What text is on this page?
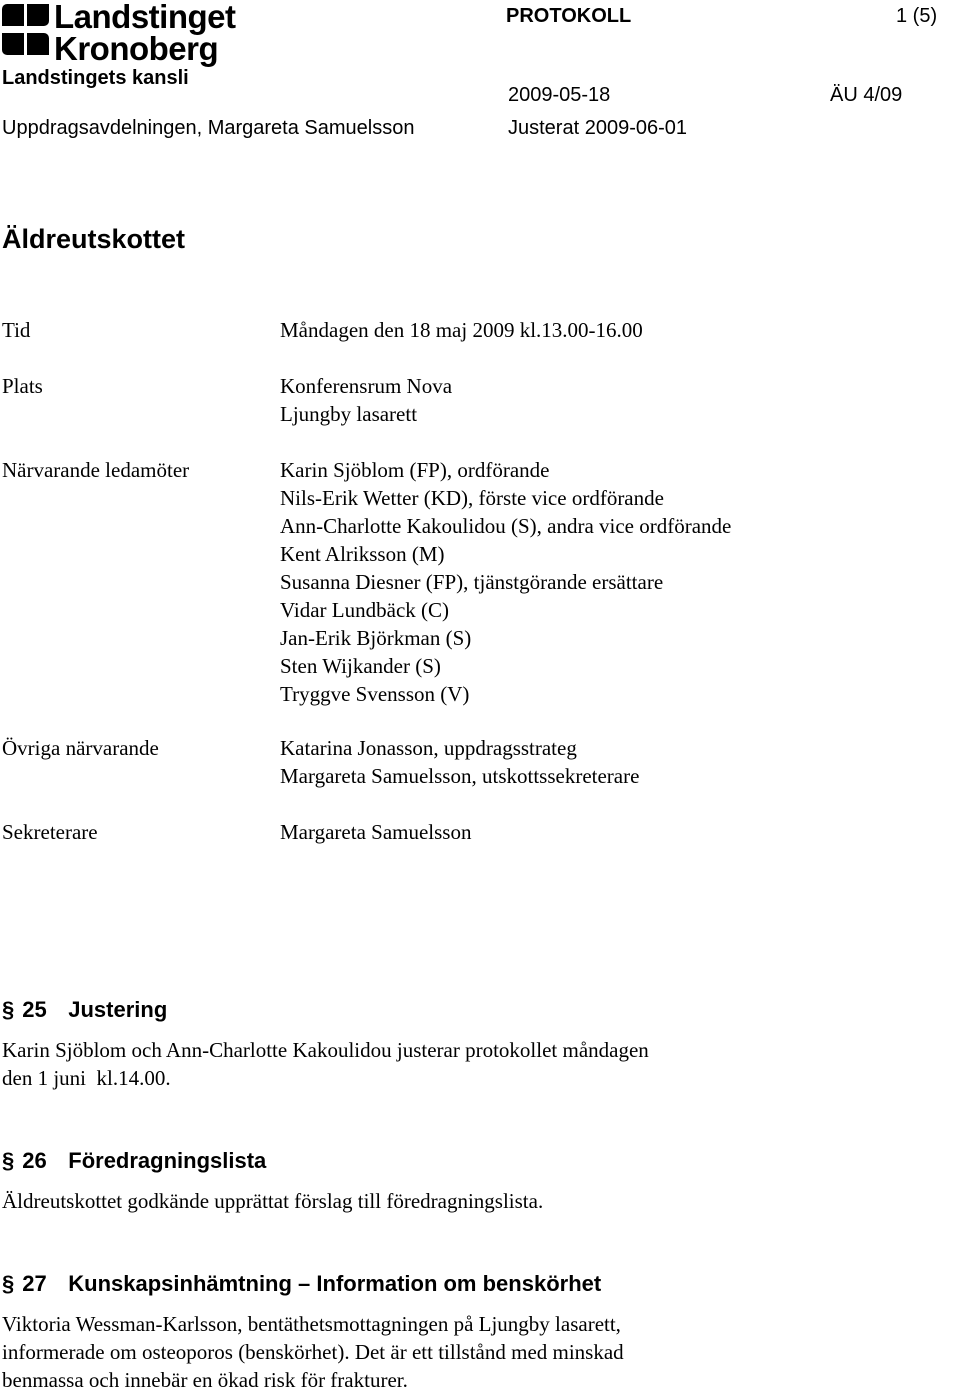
Landstinget
Kronoberg
Landstingets kansli
Uppdragsavdelningen, Margareta Samuelsson
PROTOKOLL	1 (5)
2009-05-18	ÄU 4/09
Justerat 2009-06-01
Äldreutskottet
Tid	Måndagen den 18 maj 2009 kl.13.00-16.00
Plats	Konferensrum Nova
Ljungby lasarett
Närvarande ledamöter	Karin Sjöblom (FP), ordförande
Nils-Erik Wetter (KD), förste vice ordförande
Ann-Charlotte Kakoulidou (S), andra vice ordförande
Kent Alriksson (M)
Susanna Diesner (FP), tjänstgörande ersättare
Vidar Lundbäck (C)
Jan-Erik Björkman (S)
Sten Wijkander (S)
Tryggve Svensson (V)
Övriga närvarande	Katarina Jonasson, uppdragsstrateg
Margareta Samuelsson, utskottssekreterare
Sekreterare	Margareta Samuelsson
§ 25 Justering
Karin Sjöblom och Ann-Charlotte Kakoulidou justerar protokollet måndagen
den 1 juni  kl.14.00.
§ 26 Föredragningslista
Äldreutskottet godkände upprättat förslag till föredragningslista.
§ 27 Kunskapsinhämtning – Information om benskörhet
Viktoria Wessman-Karlsson, bentäthetsmottagningen på Ljungby lasarett,
informerade om osteoporos (benskörhet). Det är ett tillstånd med minskad
benmassa och innebär en ökad risk för frakturer.
